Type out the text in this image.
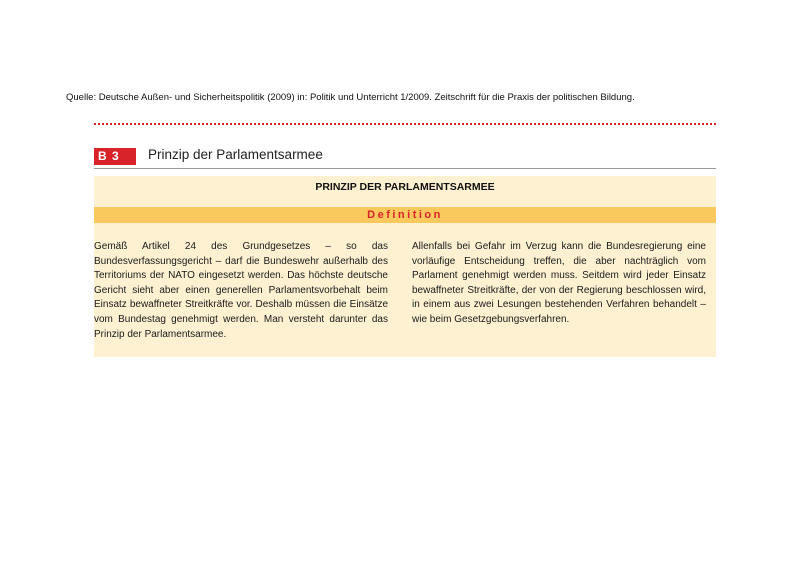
Quelle: Deutsche Außen- und Sicherheitspolitik (2009) in: Politik und Unterricht 1/2009. Zeitschrift für die Praxis der politischen Bildung.
B 3	Prinzip der Parlamentsarmee
PRINZIP DER PARLAMENTSARMEE
Definition
Gemäß Artikel 24 des Grundgesetzes – so das Bundesverfassungsgericht – darf die Bundeswehr außerhalb des Territoriums der NATO eingesetzt werden. Das höchste deutsche Gericht sieht aber einen generellen Parlamentsvorbehalt beim Einsatz bewaffneter Streitkräfte vor. Deshalb müssen die Einsätze vom Bundestag genehmigt werden. Man versteht darunter das Prinzip der Parlamentsarmee.
Allenfalls bei Gefahr im Verzug kann die Bundesregierung eine vorläufige Entscheidung treffen, die aber nachträglich vom Parlament genehmigt werden muss. Seitdem wird jeder Einsatz bewaffneter Streitkräfte, der von der Regierung beschlossen wird, in einem aus zwei Lesungen bestehenden Verfahren behandelt – wie beim Gesetzgebungsverfahren.
